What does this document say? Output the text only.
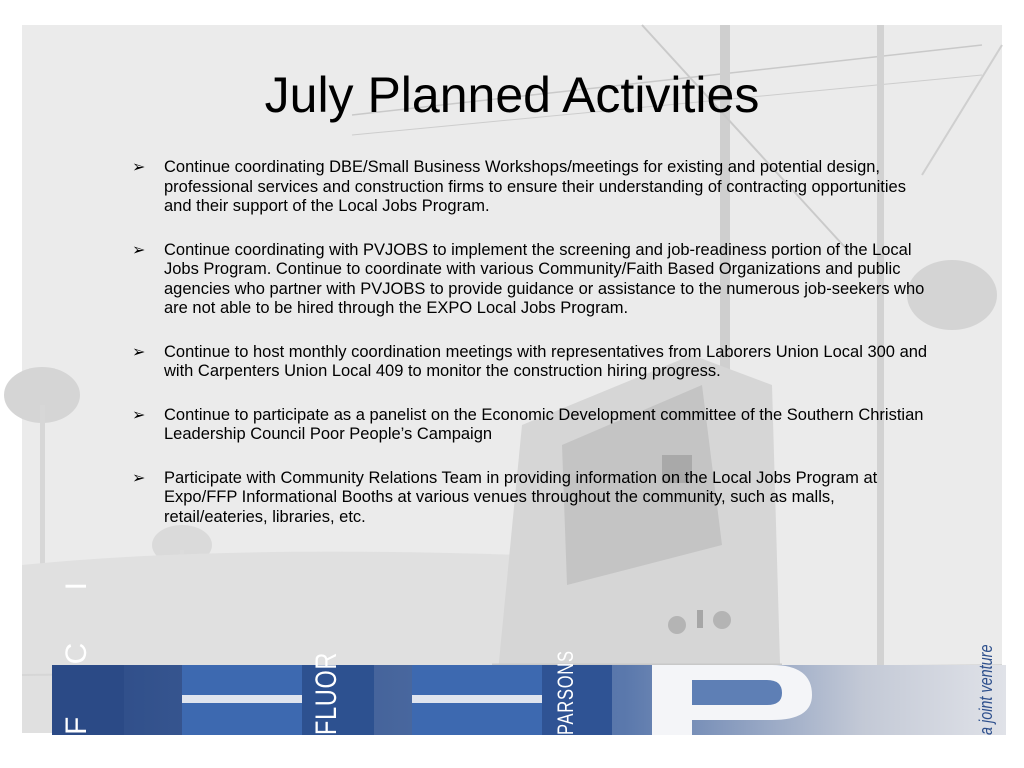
July Planned Activities
➢ Continue coordinating DBE/Small Business Workshops/meetings for existing and potential design, professional services and construction firms to ensure their understanding of contracting opportunities and their support of the Local Jobs Program.
➢ Continue coordinating with PVJOBS to implement the screening and job-readiness portion of the Local Jobs Program. Continue to coordinate with various Community/Faith Based Organizations and public agencies who partner with PVJOBS to provide guidance or assistance to the numerous job-seekers who are not able to be hired through the EXPO Local Jobs Program.
➢ Continue to host monthly coordination meetings with representatives from Laborers Union Local 300 and with Carpenters Union Local 409 to monitor the construction hiring progress.
➢ Continue to participate as a panelist on the Economic Development committee of the Southern Christian Leadership Council Poor People’s Campaign
➢ Participate with Community Relations Team in providing information on the Local Jobs Program at Expo/FFP Informational Booths at various venues throughout the community, such as malls, retail/eateries, libraries, etc.
F C I	FLUOR	PARSONS	a joint venture
